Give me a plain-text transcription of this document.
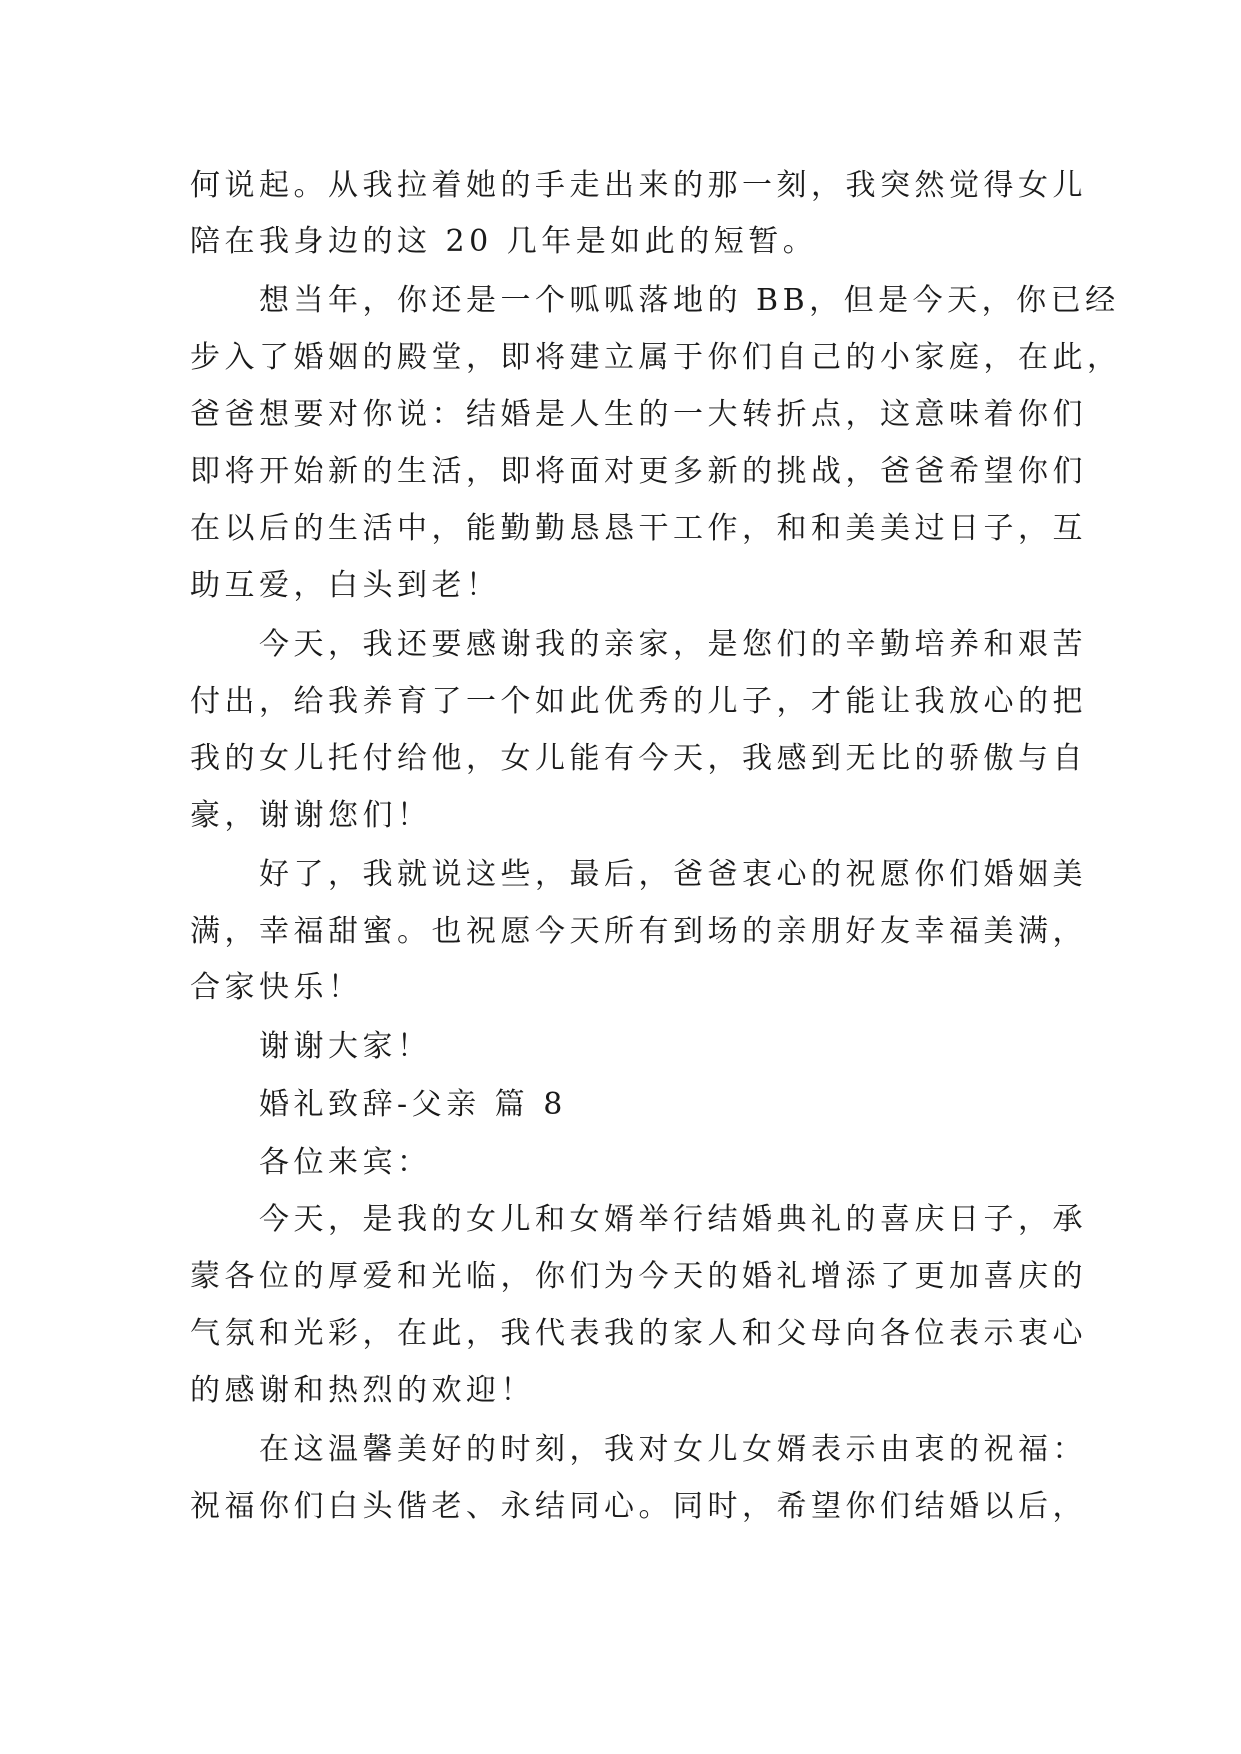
何说起。从我拉着她的手走出来的那一刻，我突然觉得女儿
陪在我身边的这 20 几年是如此的短暂。
　　想当年，你还是一个呱呱落地的 BB，但是今天，你已经
步入了婚姻的殿堂，即将建立属于你们自己的小家庭，在此，
爸爸想要对你说：结婚是人生的一大转折点，这意味着你们
即将开始新的生活，即将面对更多新的挑战，爸爸希望你们
在以后的生活中，能勤勤恳恳干工作，和和美美过日子，互
助互爱，白头到老！
　　今天，我还要感谢我的亲家，是您们的辛勤培养和艰苦
付出，给我养育了一个如此优秀的儿子，才能让我放心的把
我的女儿托付给他，女儿能有今天，我感到无比的骄傲与自
豪，谢谢您们！
　　好了，我就说这些，最后，爸爸衷心的祝愿你们婚姻美
满，幸福甜蜜。也祝愿今天所有到场的亲朋好友幸福美满，
合家快乐！
　　谢谢大家！
　　婚礼致辞-父亲 篇 8
　　各位来宾：
　　今天，是我的女儿和女婿举行结婚典礼的喜庆日子，承
蒙各位的厚爱和光临，你们为今天的婚礼增添了更加喜庆的
气氛和光彩，在此，我代表我的家人和父母向各位表示衷心
的感谢和热烈的欢迎！
　　在这温馨美好的时刻，我对女儿女婿表示由衷的祝福：
祝福你们白头偕老、永结同心。同时，希望你们结婚以后，
